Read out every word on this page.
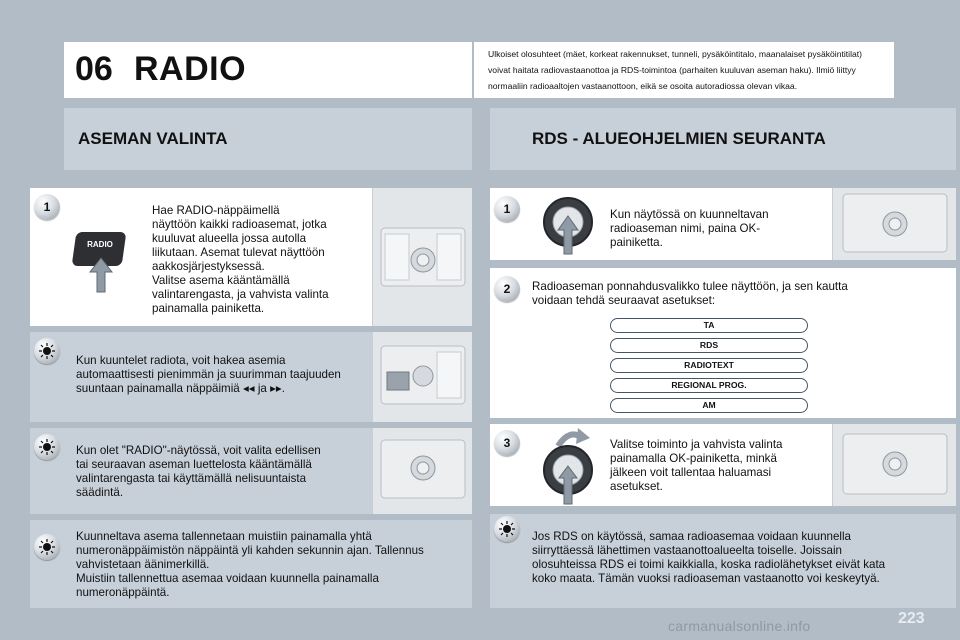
06 RADIO	Ulkoiset olosuhteet (mäet, korkeat rakennukset, tunneli, pysäköintitalo, maanalaiset pysäköintitilat) voivat haitata radiovastaanottoa ja RDS-toimintoa (parhaiten kuuluvan aseman haku). Ilmiö liittyy normaaliin radioaaltojen vastaanottoon, eikä se osoita autoradiossa olevan vikaa.
ASEMAN VALINTA
1
RADIO
Hae RADIO-näppäimellä
näyttöön kaikki radioasemat, jotka
kuuluvat alueella jossa autolla
liikutaan. Asemat tulevat näyttöön
aakkosjärjestyksessä.
Valitse asema kääntämällä
valintarengasta, ja vahvista valinta
painamalla painiketta.
Kun kuuntelet radiota, voit hakea asemia
automaattisesti pienimmän ja suurimman taajuuden
suuntaan painamalla näppäimiä ◂◂ ja ▸▸.
Kun olet "RADIO"-näytössä, voit valita edellisen
tai seuraavan aseman luettelosta kääntämällä
valintarengasta tai käyttämällä nelisuuntaista
säädintä.
Kuunneltava asema tallennetaan muistiin painamalla yhtä
numeronäppäimistön näppäintä yli kahden sekunnin ajan. Tallennus
vahvistetaan äänimerkillä.
Muistiin tallennettua asemaa voidaan kuunnella painamalla
numeronäppäintä.
RDS - ALUEOHJELMIEN SEURANTA
1	Kun näytössä on kuunneltavan
radioaseman nimi, paina OK-
painiketta.
2	Radioaseman ponnahdusvalikko tulee näyttöön, ja sen kautta
voidaan tehdä seuraavat asetukset:
TA
RDS
RADIOTEXT
REGIONAL PROG.
AM
3	Valitse toiminto ja vahvista valinta
painamalla OK-painiketta, minkä
jälkeen voit tallentaa haluamasi
asetukset.
Jos RDS on käytössä, samaa radioasemaa voidaan kuunnella
siirryttäessä lähettimen vastaanottoalueelta toiselle. Joissain
olosuhteissa RDS ei toimi kaikkialla, koska radiolähetykset eivät kata
koko maata. Tämän vuoksi radioaseman vastaanotto voi keskeytyä.
223
carmanualsonline.info
